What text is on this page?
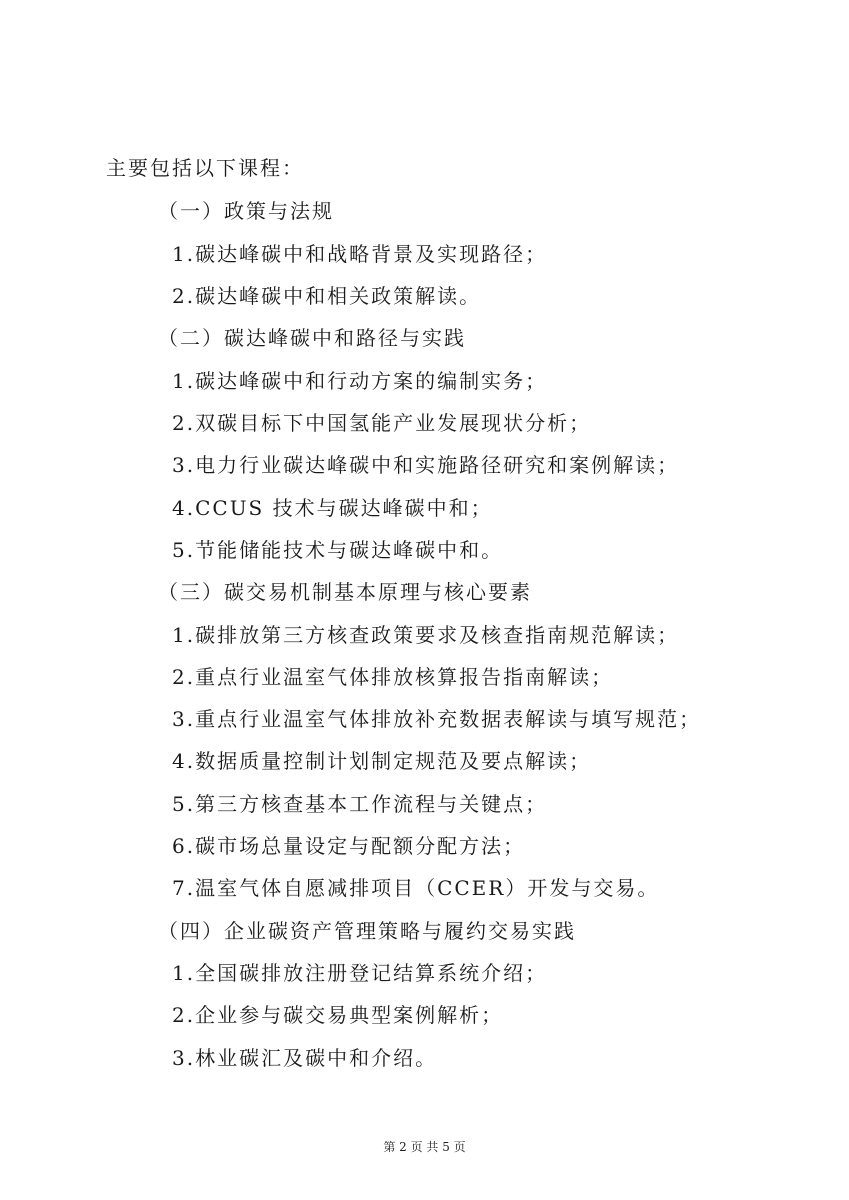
主要包括以下课程：
（一）政策与法规
1.碳达峰碳中和战略背景及实现路径；
2.碳达峰碳中和相关政策解读。
（二）碳达峰碳中和路径与实践
1.碳达峰碳中和行动方案的编制实务；
2.双碳目标下中国氢能产业发展现状分析；
3.电力行业碳达峰碳中和实施路径研究和案例解读；
4.CCUS 技术与碳达峰碳中和；
5.节能储能技术与碳达峰碳中和。
（三）碳交易机制基本原理与核心要素
1.碳排放第三方核查政策要求及核查指南规范解读；
2.重点行业温室气体排放核算报告指南解读；
3.重点行业温室气体排放补充数据表解读与填写规范；
4.数据质量控制计划制定规范及要点解读；
5.第三方核查基本工作流程与关键点；
6.碳市场总量设定与配额分配方法；
7.温室气体自愿减排项目（CCER）开发与交易。
（四）企业碳资产管理策略与履约交易实践
1.全国碳排放注册登记结算系统介绍；
2.企业参与碳交易典型案例解析；
3.林业碳汇及碳中和介绍。
第 2 页 共 5 页
